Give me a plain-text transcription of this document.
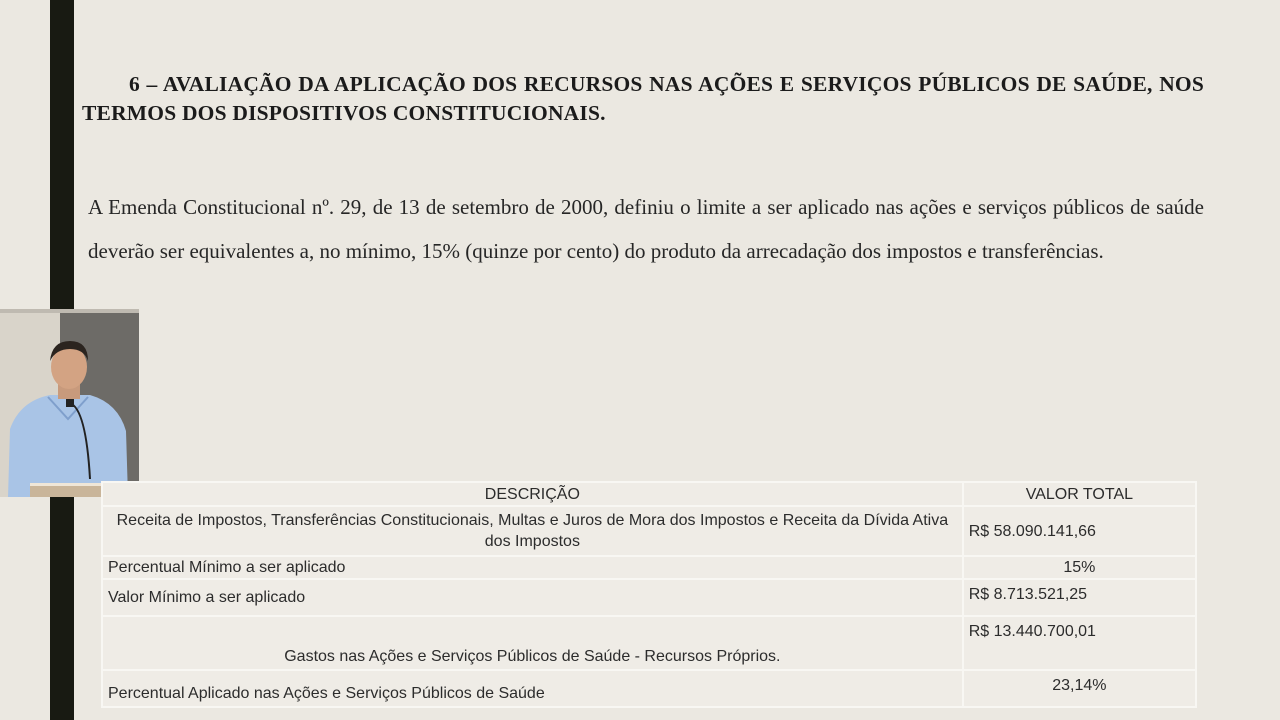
6 – AVALIAÇÃO DA APLICAÇÃO DOS RECURSOS NAS AÇÕES E SERVIÇOS PÚBLICOS DE SAÚDE, NOS TERMOS DOS DISPOSITIVOS CONSTITUCIONAIS.
A Emenda Constitucional nº. 29, de 13 de setembro de 2000, definiu o limite a ser aplicado nas ações e serviços públicos de saúde deverão ser equivalentes a, no mínimo, 15% (quinze por cento) do produto da arrecadação dos impostos e transferências.
DESCRIÇÃO	VALOR TOTAL
Receita de Impostos, Transferências Constitucionais, Multas e Juros de Mora dos Impostos e Receita da Dívida Ativa dos Impostos	R$ 58.090.141,66
Percentual Mínimo a ser aplicado	15%
Valor Mínimo a ser aplicado	R$ 8.713.521,25
Gastos nas Ações e Serviços Públicos de Saúde - Recursos Próprios.	R$ 13.440.700,01
Percentual Aplicado nas Ações e Serviços Públicos de Saúde	23,14%
